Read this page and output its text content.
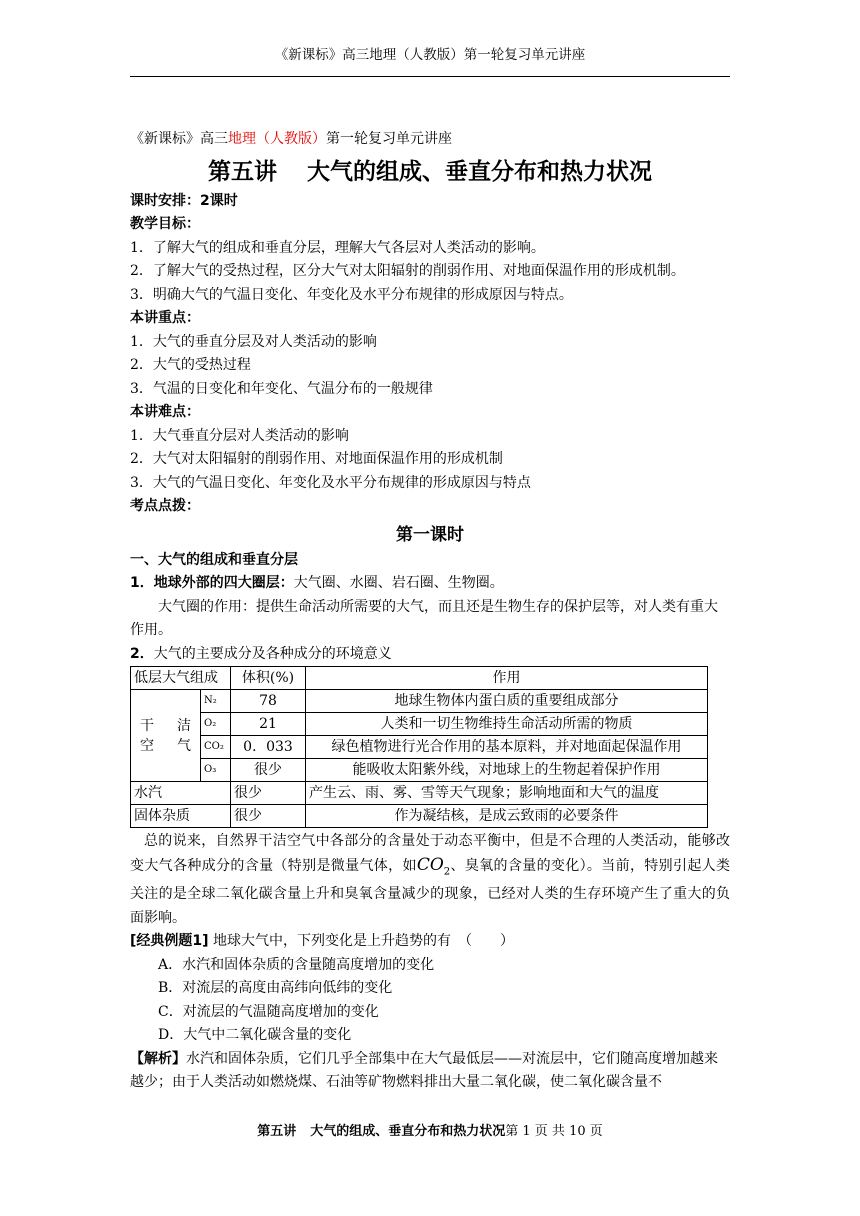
《新课标》高三地理（人教版）第一轮复习单元讲座

《新课标》高三地理（人教版）第一轮复习单元讲座

第五讲 大气的组成、垂直分布和热力状况

课时安排：2课时

教学目标：

1．了解大气的组成和垂直分层，理解大气各层对人类活动的影响。

2．了解大气的受热过程，区分大气对太阳辐射的削弱作用、对地面保温作用的形成机制。

3．明确大气的气温日变化、年变化及水平分布规律的形成原因与特点。

本讲重点：

1．大气的垂直分层及对人类活动的影响

2．大气的受热过程

3．气温的日变化和年变化、气温分布的一般规律

本讲难点：

1．大气垂直分层对人类活动的影响

2．大气对太阳辐射的削弱作用、对地面保温作用的形成机制

3．大气的气温日变化、年变化及水平分布规律的形成原因与特点

考点点拨：

第一课时

一、大气的组成和垂直分层

1．地球外部的四大圈层：大气圈、水圈、岩石圈、生物圈。

大气圈的作用：提供生命活动所需要的大气，而且还是生物生存的保护层等，对人类有重大作用。

2．大气的主要成分及各种成分的环境意义

低层大气组成		体积(%)	作用

干 洁
空 气	N₂	78	地球生物体内蛋白质的重要组成部分
	O₂	21	人类和一切生物维持生命活动所需的物质
	CO₂	0．033	绿色植物进行光合作用的基本原料，并对地面起保温作用
	O₃	很少	能吸收太阳紫外线，对地球上的生物起着保护作用
水汽		很少	产生云、雨、雾、雪等天气现象；影响地面和大气的温度
固体杂质		很少	作为凝结核，是成云致雨的必要条件

总的说来，自然界干洁空气中各部分的含量处于动态平衡中，但是不合理的人类活动，能够改变大气各种成分的含量（特别是微量气体，如$CO_2$、臭氧的含量的变化）。当前，特别引起人类关注的是全球二氧化碳含量上升和臭氧含量减少的现象，已经对人类的生存环境产生了重大的负面影响。

[经典例题1] 地球大气中，下列变化是上升趋势的有　 （　　）

A．水汽和固体杂质的含量随高度增加的变化

B．对流层的高度由高纬向低纬的变化

C．对流层的气温随高度增加的变化

D．大气中二氧化碳含量的变化

【解析】水汽和固体杂质，它们几乎全部集中在大气最低层——对流层中，它们随高度增加越来越少；由于人类活动如燃烧煤、石油等矿物燃料排出大量二氧化碳，使二氧化碳含量不

第五讲 大气的组成、垂直分布和热力状况第 1 页 共 10 页
